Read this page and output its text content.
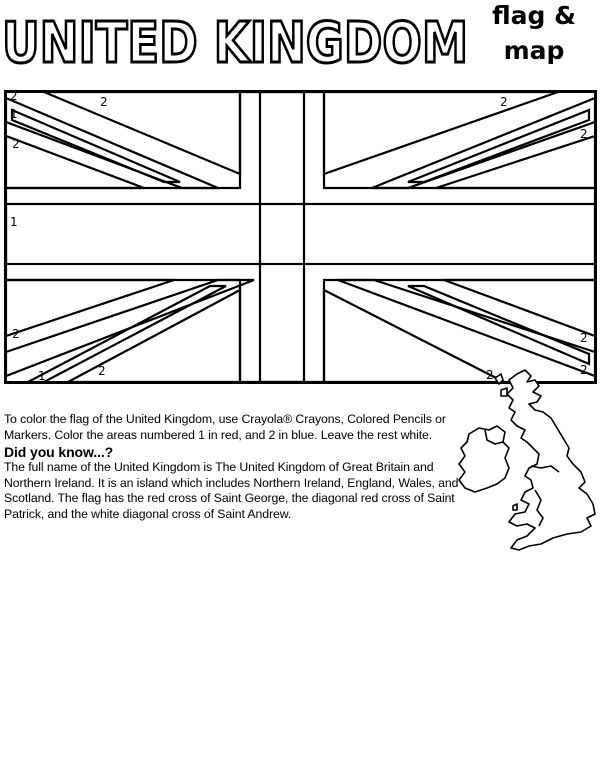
UNITED KINGDOM flag &
map
2
1
2
2
2
1
2
1	2	2
2
2
2

To color the flag of the United Kingdom, use Crayola® Crayons, Colored Pencils or Markers. Color the areas numbered 1 in red, and 2 in blue. Leave the rest white.

Did you know...?

The full name of the United Kingdom is The United Kingdom of Great Britain and Northern Ireland. It is an island which includes Northern Ireland, England, Wales, and Scotland. The flag has the red cross of Saint George, the diagonal red cross of Saint Patrick, and the white diagonal cross of Saint Andrew.
